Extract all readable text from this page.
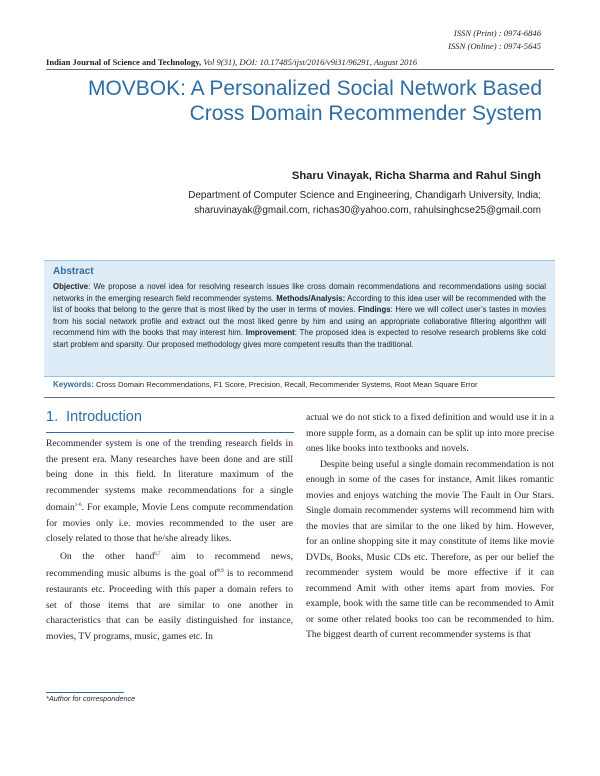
ISSN (Print) : 0974-6846
ISSN (Online) : 0974-5645
Indian Journal of Science and Technology, Vol 9(31), DOI: 10.17485/ijst/2016/v9i31/96291, August 2016
MOVBOK: A Personalized Social Network Based Cross Domain Recommender System
Sharu Vinayak, Richa Sharma and Rahul Singh
Department of Computer Science and Engineering, Chandigarh University, India;
sharuvinayak@gmail.com, richas30@yahoo.com, rahulsinghcse25@gmail.com
Abstract
Objective: We propose a novel idea for resolving research issues like cross domain recommendations and recommendations using social networks in the emerging research field recommender systems. Methods/Analysis: According to this idea user will be recommended with the list of books that belong to the genre that is most liked by the user in terms of movies. Findings: Here we will collect user’s tastes in movies from his social network profile and extract out the most liked genre by him and using an appropriate collaborative filtering algorithm will recommend him with the books that may interest him. Improvement: The proposed idea is expected to resolve research problems like cold start problem and sparsity. Our proposed methodology gives more competent results than the traditional.
Keywords: Cross Domain Recommendations, F1 Score, Precision, Recall, Recommender Systems, Root Mean Square Error
1. Introduction

Recommender system is one of the trending research fields in the present era. Many researches have been done and are still being done in this field. In literature maximum of the recommender systems make recommendations for a single domain$^{1-6}$. For example, Movie Lens compute recommendation for movies only i.e. movies recommended to the user are closely related to those that he/she already likes.

On the other hand$^{6,7}$ aim to recommend news, recommending music albums is the goal of$^{8,9}$ is to recommend restaurants etc. Proceeding with this paper a domain refers to set of those items that are similar to one another in characteristics that can be easily distinguished for instance, movies, TV programs, music, games etc. In

actual we do not stick to a fixed definition and would use it in a more supple form, as a domain can be split up into more precise ones like books into textbooks and novels.

Despite being useful a single domain recommendation is not enough in some of the cases for instance, Amit likes romantic movies and enjoys watching the movie The Fault in Our Stars. Single domain recommender systems will recommend him with the movies that are similar to the one liked by him. However, for an online shopping site it may constitute of items like movie DVDs, Books, Music CDs etc. Therefore, as per our belief the recommender system would be more effective if it can recommend Amit with other items apart from movies. For example, book with the same title can be recommended to Amit or some other related books too can be recommended to him. The biggest dearth of current recommender systems is that

*Author for correspondence
